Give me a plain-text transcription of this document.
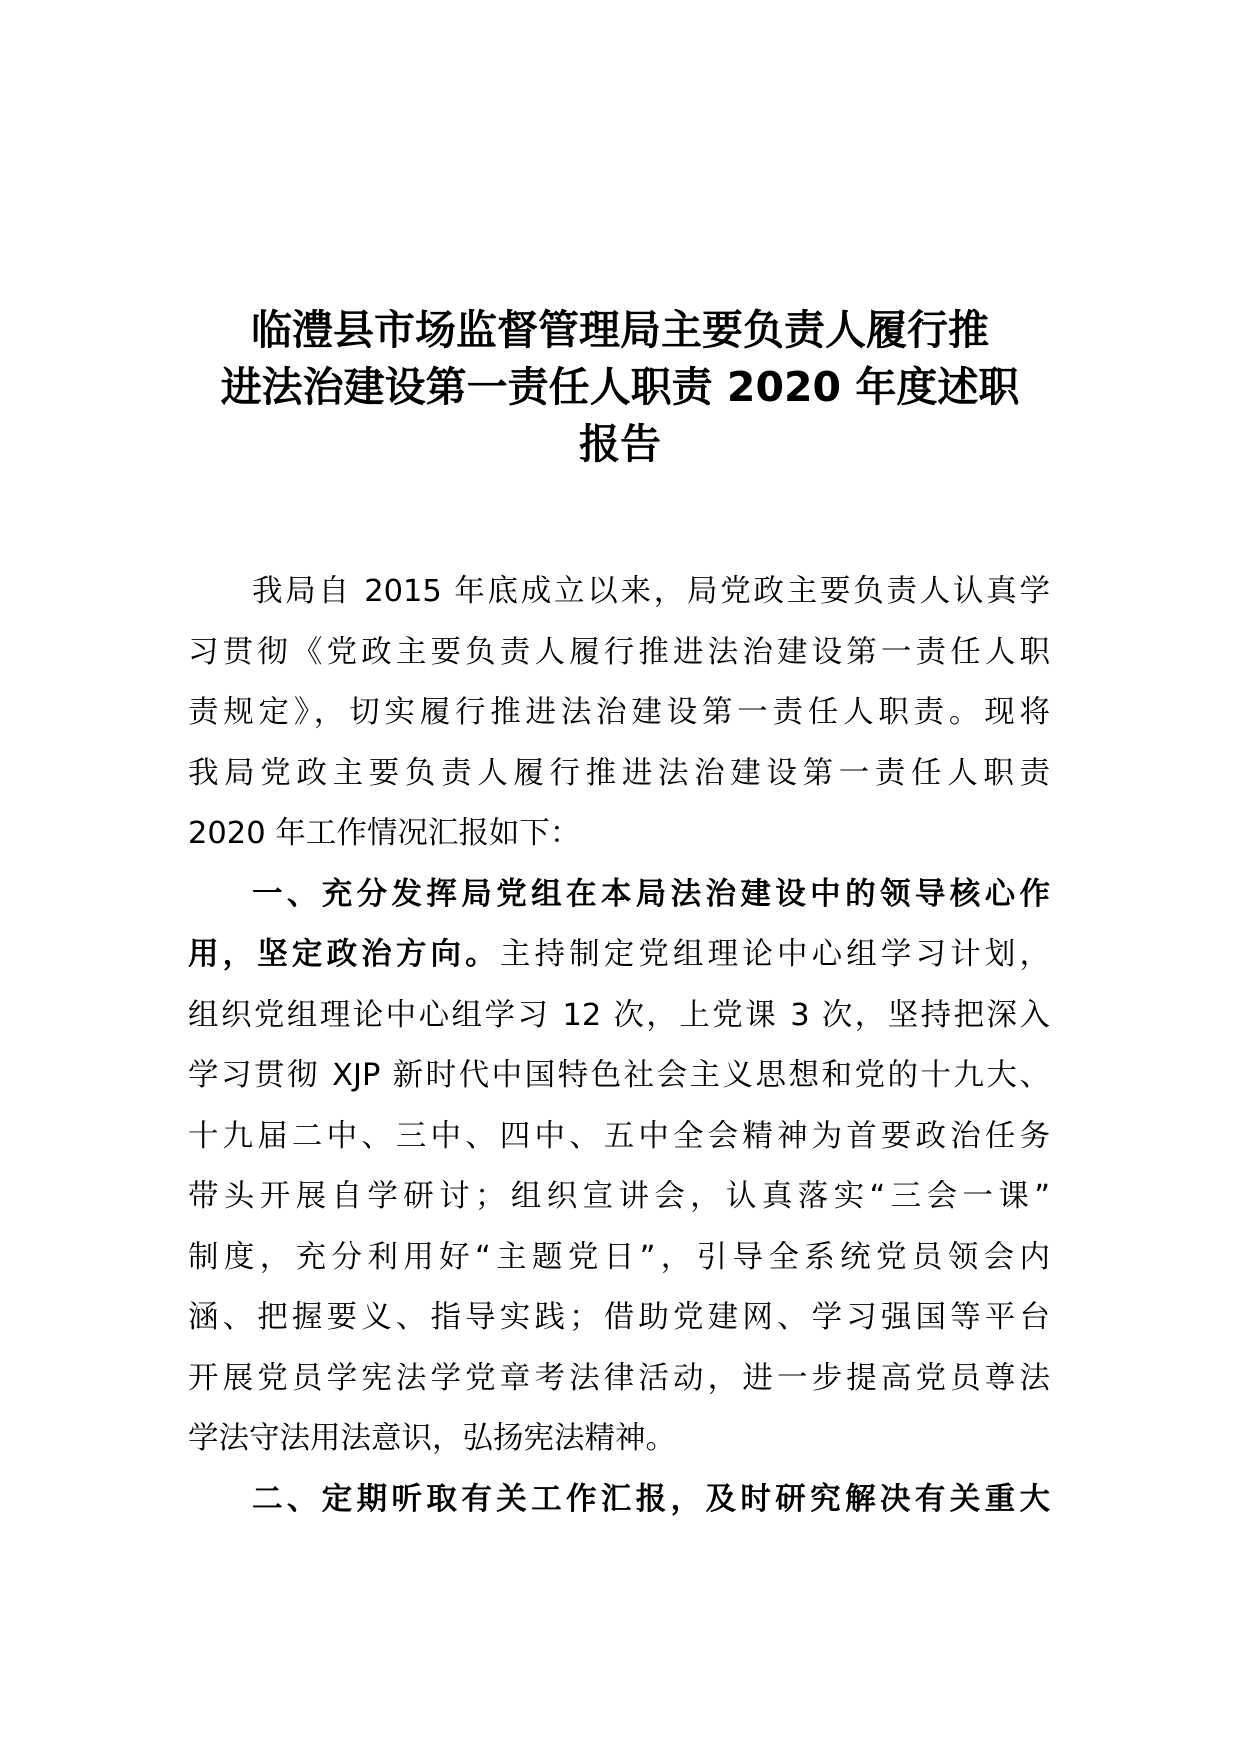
临澧县市场监督管理局主要负责人履行推
进法治建设第一责任人职责 2020 年度述职
报告

我局自 2015 年底成立以来，局党政主要负责人认真学
习贯彻《党政主要负责人履行推进法治建设第一责任人职
责规定》，切实履行推进法治建设第一责任人职责。现将
我局党政主要负责人履行推进法治建设第一责任人职责
2020 年工作情况汇报如下：

一、充分发挥局党组在本局法治建设中的领导核心作
用，坚定政治方向。主持制定党组理论中心组学习计划，
组织党组理论中心组学习 12 次，上党课 3 次，坚持把深入
学习贯彻 XJP 新时代中国特色社会主义思想和党的十九大、
十九届二中、三中、四中、五中全会精神为首要政治任务
带头开展自学研讨；组织宣讲会，认真落实“三会一课”
制度，充分利用好“主题党日”，引导全系统党员领会内
涵、把握要义、指导实践；借助党建网、学习强国等平台
开展党员学宪法学党章考法律活动，进一步提高党员尊法
学法守法用法意识，弘扬宪法精神。

二、定期听取有关工作汇报，及时研究解决有关重大
